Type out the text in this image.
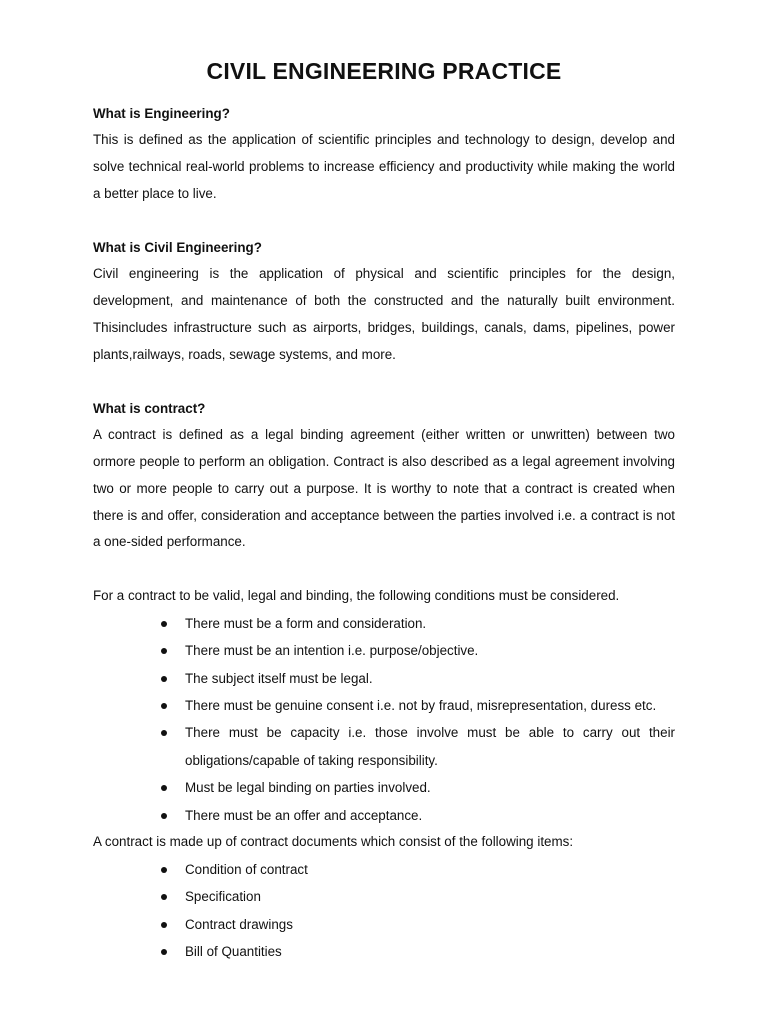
CIVIL ENGINEERING PRACTICE

What is Engineering?

This is defined as the application of scientific principles and technology to design, develop and solve technical real-world problems to increase efficiency and productivity while making the world a better place to live.

What is Civil Engineering?

Civil engineering is the application of physical and scientific principles for the design, development, and maintenance of both the constructed and the naturally built environment. Thisincludes infrastructure such as airports, bridges, buildings, canals, dams, pipelines, power plants,railways, roads, sewage systems, and more.

What is contract?

A contract is defined as a legal binding agreement (either written or unwritten) between two ormore people to perform an obligation. Contract is also described as a legal agreement involving two or more people to carry out a purpose. It is worthy to note that a contract is created when there is and offer, consideration and acceptance between the parties involved i.e. a contract is not a one-sided performance.

For a contract to be valid, legal and binding, the following conditions must be considered.

There must be a form and consideration.
There must be an intention i.e. purpose/objective.
The subject itself must be legal.
There must be genuine consent i.e. not by fraud, misrepresentation, duress etc.
There must be capacity i.e. those involve must be able to carry out their obligations/capable of taking responsibility.
Must be legal binding on parties involved.
There must be an offer and acceptance.

A contract is made up of contract documents which consist of the following items:

Condition of contract
Specification
Contract drawings
Bill of Quantities
